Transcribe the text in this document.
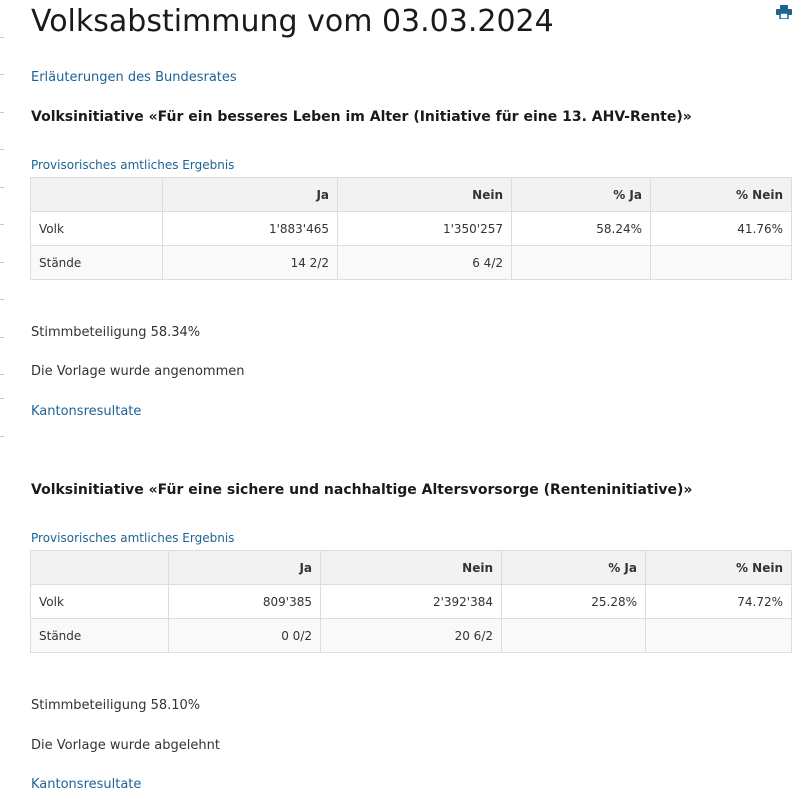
Volksabstimmung vom 03.03.2024
Erläuterungen des Bundesrates
Volksinitiative «Für ein besseres Leben im Alter (Initiative für eine 13. AHV-Rente)»
Provisorisches amtliches Ergebnis
	Ja	Nein	% Ja	% Nein
Volk	1'883'465	1'350'257	58.24%	41.76%
Stände	14 2/2	6 4/2		
Stimmbeteiligung 58.34%
Die Vorlage wurde angenommen
Kantonsresultate
Volksinitiative «Für eine sichere und nachhaltige Altersvorsorge (Renteninitiative)»
Provisorisches amtliches Ergebnis
	Ja	Nein	% Ja	% Nein
Volk	809'385	2'392'384	25.28%	74.72%
Stände	0 0/2	20 6/2		
Stimmbeteiligung 58.10%
Die Vorlage wurde abgelehnt
Kantonsresultate
